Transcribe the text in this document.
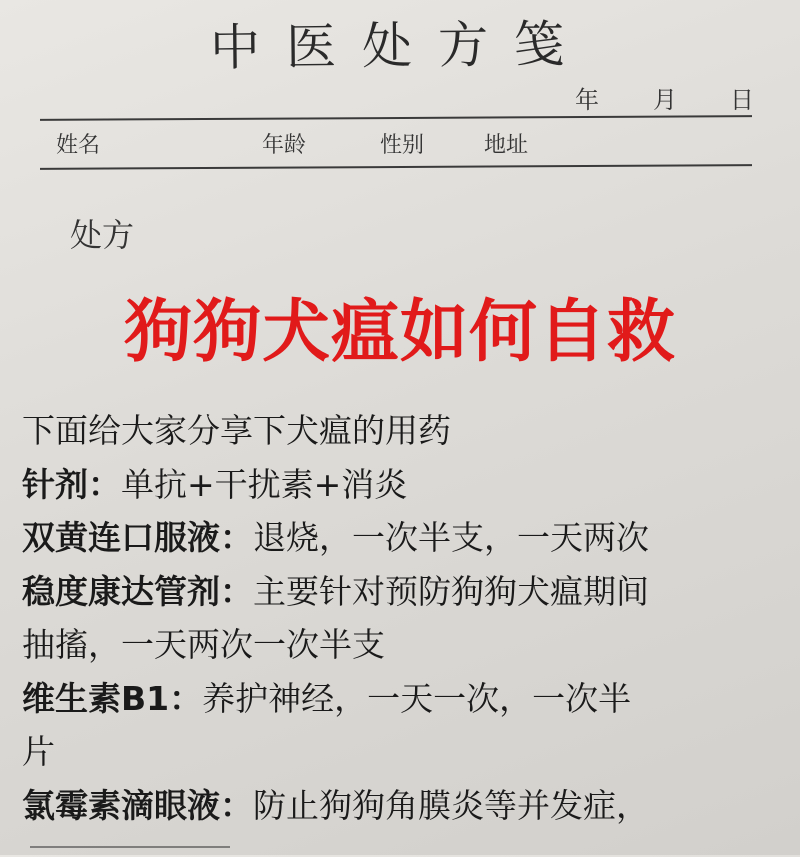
中医处方笺
年 月 日
姓名	年龄	性别	地址
处方
狗狗犬瘟如何自救
下面给大家分享下犬瘟的用药
针剂：单抗+干扰素+消炎
双黄连口服液：退烧，一次半支，一天两次
稳度康达管剂：主要针对预防狗狗犬瘟期间
抽搐，一天两次一次半支
维生素B1：养护神经，一天一次，一次半
片
氯霉素滴眼液：防止狗狗角膜炎等并发症，
